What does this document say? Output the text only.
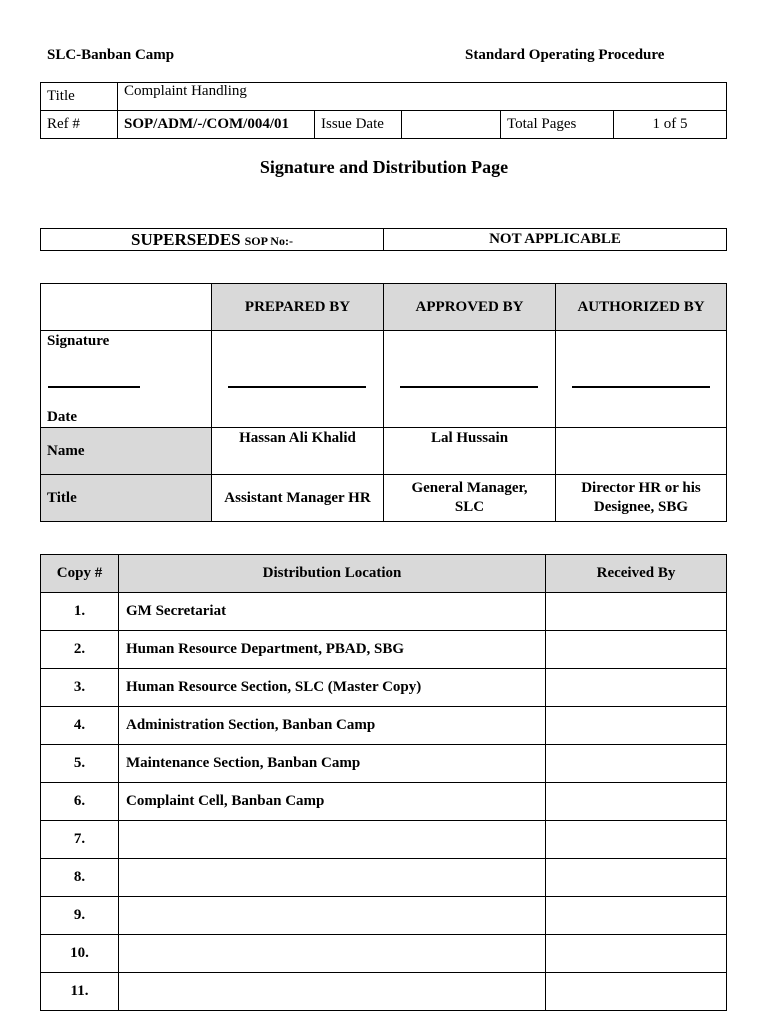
SLC-Banban Camp	Standard Operating Procedure
Title	Complaint Handling				
Ref #	SOP/ADM/-/COM/004/01	Issue Date		Total Pages	1 of 5
Signature and Distribution Page
SUPERSEDES SOP No:-	NOT APPLICABLE
	PREPARED BY	APPROVED BY	AUTHORIZED BY

Signature
Date			

Name	Hassan Ali Khalid	Lal Hussain	
Title	Assistant Manager HR	General Manager, SLC	Director HR or his Designee, SBG
Copy #	Distribution Location	Received By
1.	GM Secretariat	
2.	Human Resource Department, PBAD, SBG	
3.	Human Resource Section, SLC (Master Copy)	
4.	Administration Section, Banban Camp	
5.	Maintenance Section, Banban Camp	
6.	Complaint Cell, Banban Camp	
7.		
8.		
9.		
10.		
11.		
